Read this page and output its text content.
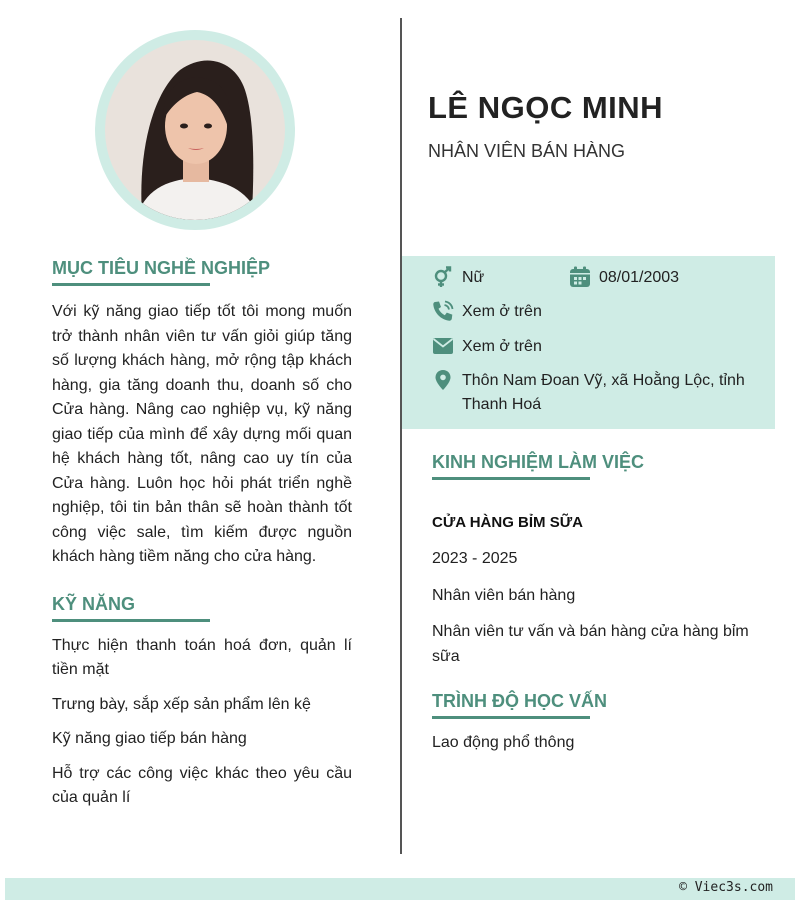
LÊ NGỌC MINH

NHÂN VIÊN BÁN HÀNG

Nữ	08/01/2003
Xem ở trên
Xem ở trên
Thôn Nam Đoan Vỹ, xã Hoằng Lộc, tỉnh Thanh Hoá
MỤC TIÊU NGHỀ NGHIỆP

Với kỹ năng giao tiếp tốt tôi mong muốn trở thành nhân viên tư vấn giỏi giúp tăng số lượng khách hàng, mở rộng tập khách hàng, gia tăng doanh thu, doanh số cho Cửa hàng. Nâng cao nghiệp vụ, kỹ năng giao tiếp của mình để xây dựng mối quan hệ khách hàng tốt, nâng cao uy tín của Cửa hàng. Luôn học hỏi phát triển nghề nghiệp, tôi tin bản thân sẽ hoàn thành tốt công việc sale, tìm kiếm được nguồn khách hàng tiềm năng cho cửa hàng.

KỸ NĂNG
Thực hiện thanh toán hoá đơn, quản lí tiền mặt
Trưng bày, sắp xếp sản phẩm lên kệ
Kỹ năng giao tiếp bán hàng
Hỗ trợ các công việc khác theo yêu cầu của quản lí
KINH NGHIỆM LÀM VIỆC

CỬA HÀNG BỈM SỮA

2023 - 2025

Nhân viên bán hàng

Nhân viên tư vấn và bán hàng cửa hàng bỉm sữa

TRÌNH ĐỘ HỌC VẤN

Lao động phổ thông

© Viec3s.com
